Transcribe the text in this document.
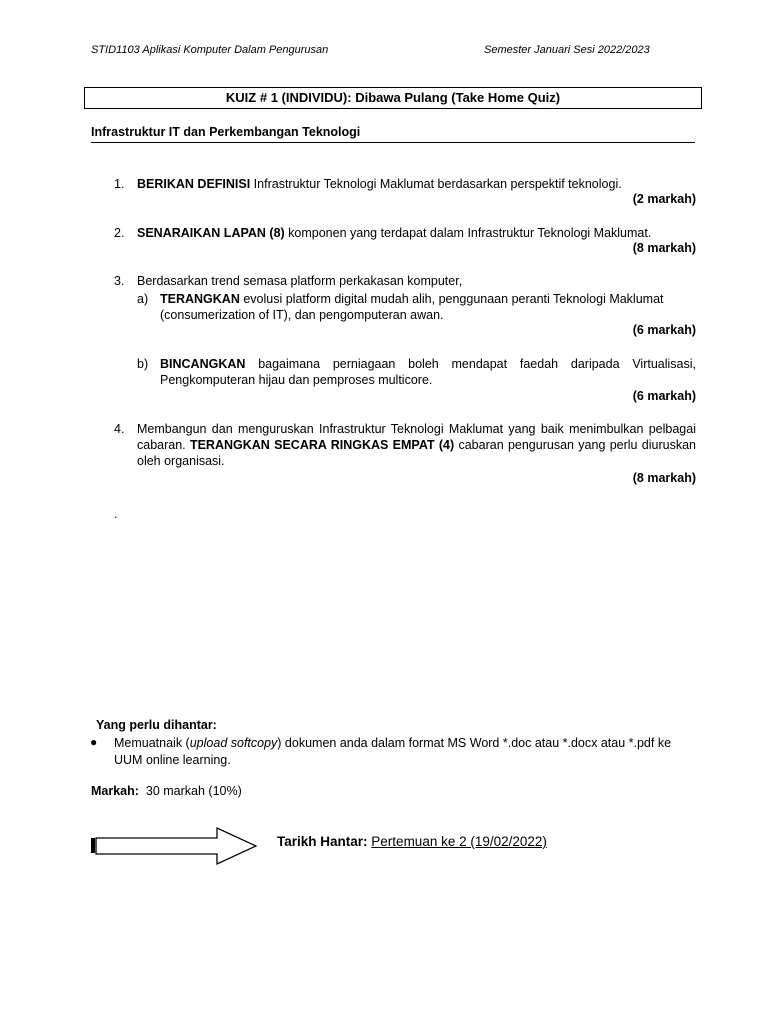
STID1103 Aplikasi Komputer Dalam Pengurusan	Semester Januari Sesi 2022/2023
KUIZ # 1 (INDIVIDU): Dibawa Pulang (Take Home Quiz)
Infrastruktur IT dan Perkembangan Teknologi
1. BERIKAN DEFINISI Infrastruktur Teknologi Maklumat berdasarkan perspektif teknologi.
(2 markah)
2. SENARAIKAN LAPAN (8) komponen yang terdapat dalam Infrastruktur Teknologi Maklumat.
(8 markah)
3. Berdasarkan trend semasa platform perkakasan komputer,
a) TERANGKAN evolusi platform digital mudah alih, penggunaan peranti Teknologi Maklumat (consumerization of IT), dan pengomputeran awan.
(6 markah)
b) BINCANGKAN bagaimana perniagaan boleh mendapat faedah daripada Virtualisasi, Pengkomputeran hijau dan pemproses multicore.
(6 markah)
4. Membangun dan menguruskan Infrastruktur Teknologi Maklumat yang baik menimbulkan pelbagai cabaran. TERANGKAN SECARA RINGKAS EMPAT (4) cabaran pengurusan yang perlu diuruskan oleh organisasi.
(8 markah)
.
Yang perlu dihantar:
● Memuatnaik (upload softcopy) dokumen anda dalam format MS Word *.doc atau *.docx atau *.pdf ke UUM online learning.
Markah: 30 markah (10%)
Tarikh Hantar: Pertemuan ke 2 (19/02/2022)
